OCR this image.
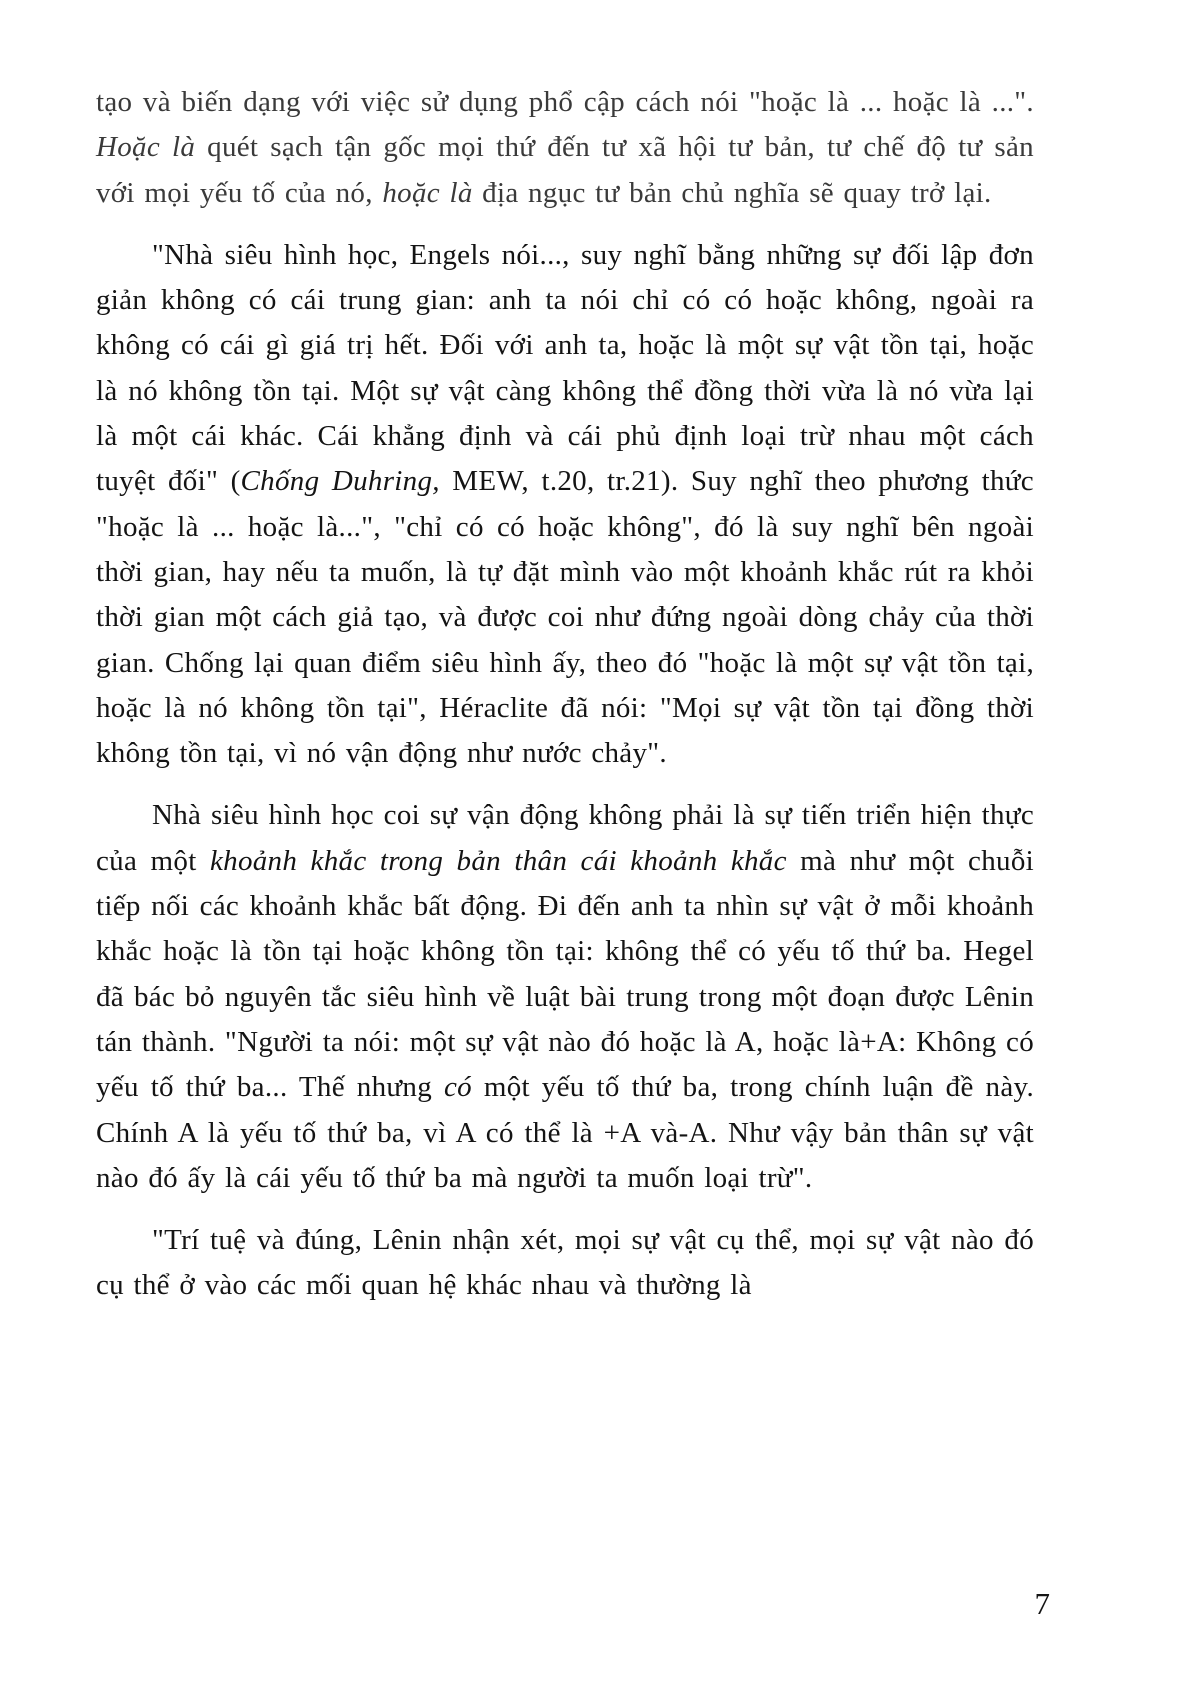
tạo và biến dạng với việc sử dụng phổ cập cách nói "hoặc là ... hoặc là ...". Hoặc là quét sạch tận gốc mọi thứ đến tư xã hội tư bản, tư chế độ tư sản với mọi yếu tố của nó, hoặc là địa ngục tư bản chủ nghĩa sẽ quay trở lại.

"Nhà siêu hình học, Engels nói..., suy nghĩ bằng những sự đối lập đơn giản không có cái trung gian: anh ta nói chỉ có có hoặc không, ngoài ra không có cái gì giá trị hết. Đối với anh ta, hoặc là một sự vật tồn tại, hoặc là nó không tồn tại. Một sự vật càng không thể đồng thời vừa là nó vừa lại là một cái khác. Cái khẳng định và cái phủ định loại trừ nhau một cách tuyệt đối" (Chống Duhring, MEW, t.20, tr.21). Suy nghĩ theo phương thức "hoặc là ... hoặc là...", "chỉ có có hoặc không", đó là suy nghĩ bên ngoài thời gian, hay nếu ta muốn, là tự đặt mình vào một khoảnh khắc rút ra khỏi thời gian một cách giả tạo, và được coi như đứng ngoài dòng chảy của thời gian. Chống lại quan điểm siêu hình ấy, theo đó "hoặc là một sự vật tồn tại, hoặc là nó không tồn tại", Héraclite đã nói: "Mọi sự vật tồn tại đồng thời không tồn tại, vì nó vận động như nước chảy".

Nhà siêu hình học coi sự vận động không phải là sự tiến triển hiện thực của một khoảnh khắc trong bản thân cái khoảnh khắc mà như một chuỗi tiếp nối các khoảnh khắc bất động. Đi đến anh ta nhìn sự vật ở mỗi khoảnh khắc hoặc là tồn tại hoặc không tồn tại: không thể có yếu tố thứ ba. Hegel đã bác bỏ nguyên tắc siêu hình về luật bài trung trong một đoạn được Lênin tán thành. "Người ta nói: một sự vật nào đó hoặc là A, hoặc là+A: Không có yếu tố thứ ba... Thế nhưng có một yếu tố thứ ba, trong chính luận đề này. Chính A là yếu tố thứ ba, vì A có thể là +A và-A. Như vậy bản thân sự vật nào đó ấy là cái yếu tố thứ ba mà người ta muốn loại trừ".

"Trí tuệ và đúng, Lênin nhận xét, mọi sự vật cụ thể, mọi sự vật nào đó cụ thể ở vào các mối quan hệ khác nhau và thường là

7
